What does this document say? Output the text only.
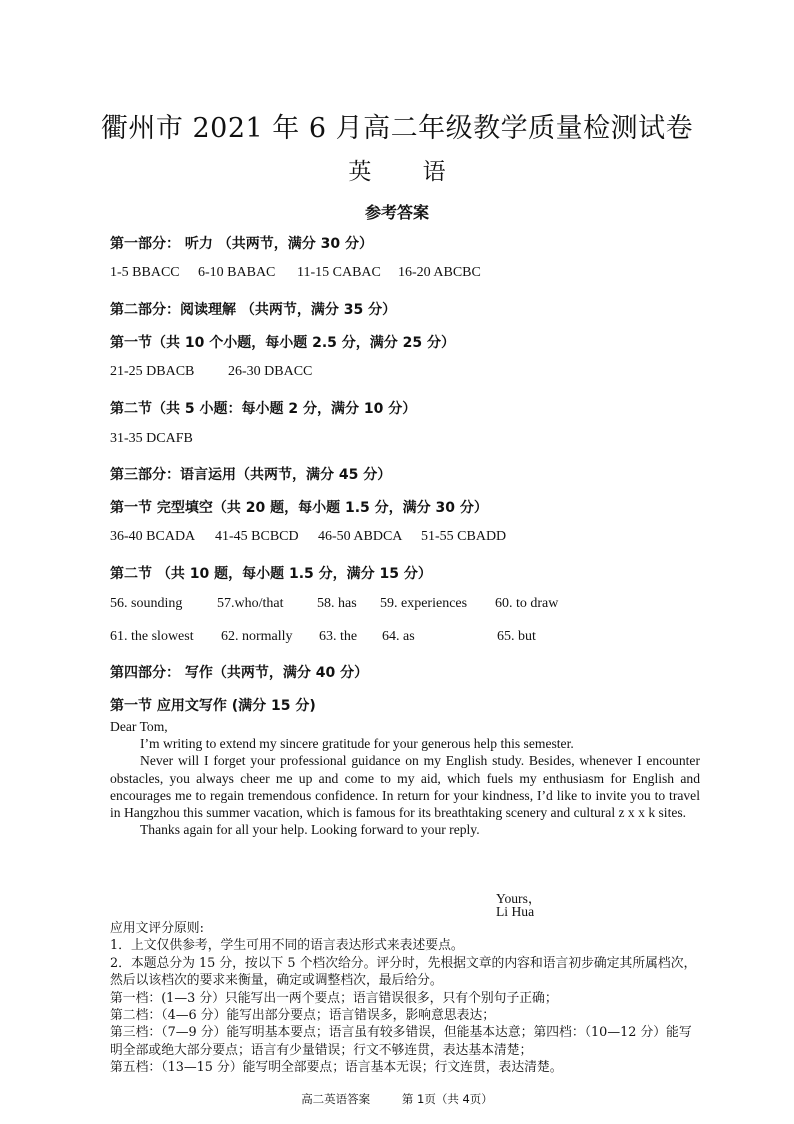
衢州市 2021 年 6 月高二年级教学质量检测试卷
英 语
参考答案
第一部分： 听力 （共两节，满分 30 分）
1-5 BBACC 6-10 BABAC 11-15 CABAC 16-20 ABCBC
第二部分：阅读理解 （共两节，满分 35 分）
第一节（共 10 个小题，每小题 2.5 分，满分 25 分）
21-25 DBACB 26-30 DBACC
第二节（共 5 小题：每小题 2 分，满分 10 分）
31-35 DCAFB
第三部分：语言运用（共两节，满分 45 分）
第一节 完型填空（共 20 题，每小题 1.5 分，满分 30 分）
36-40 BCADA 41-45 BCBCD 46-50 ABDCA 51-55 CBADD
第二节 （共 10 题，每小题 1.5 分，满分 15 分）
56. sounding 57.who/that 58. has 59. experiences 60. to draw
61. the slowest 62. normally 63. the 64. as	65. but
第四部分： 写作（共两节，满分 40 分）
第一节 应用文写作 (满分 15 分)

Dear Tom,

I’m writing to extend my sincere gratitude for your generous help this semester.

Never will I forget your professional guidance on my English study. Besides, whenever I encounter obstacles, you always cheer me up and come to my aid, which fuels my enthusiasm for English and encourages me to regain tremendous confidence. In return for your kindness, I’d like to invite you to travel in Hangzhou this summer vacation, which is famous for its breathtaking scenery and cultural z x x k sites.

Thanks again for all your help. Looking forward to your reply.

Yours，
Li Hua

应用文评分原则:

1．上文仅供参考，学生可用不同的语言表达形式来表述要点。

2．本题总分为 15 分，按以下 5 个档次给分。评分时，先根据文章的内容和语言初步确定其所属档次，然后以该档次的要求来衡量，确定或调整档次，最后给分。

第一档：(1—3 分）只能写出一两个要点；语言错误很多，只有个别句子正确；

第二档：（4—6 分）能写出部分要点；语言错误多，影响意思表达；

第三档：（7—9 分）能写明基本要点；语言虽有较多错误，但能基本达意；第四档：（10—12 分）能写明全部或绝大部分要点；语言有少量错误；行文不够连贯，表达基本清楚；

第五档：（13—15 分）能写明全部要点；语言基本无误；行文连贯，表达清楚。

高二英语答案	第 1页（共 4页）
